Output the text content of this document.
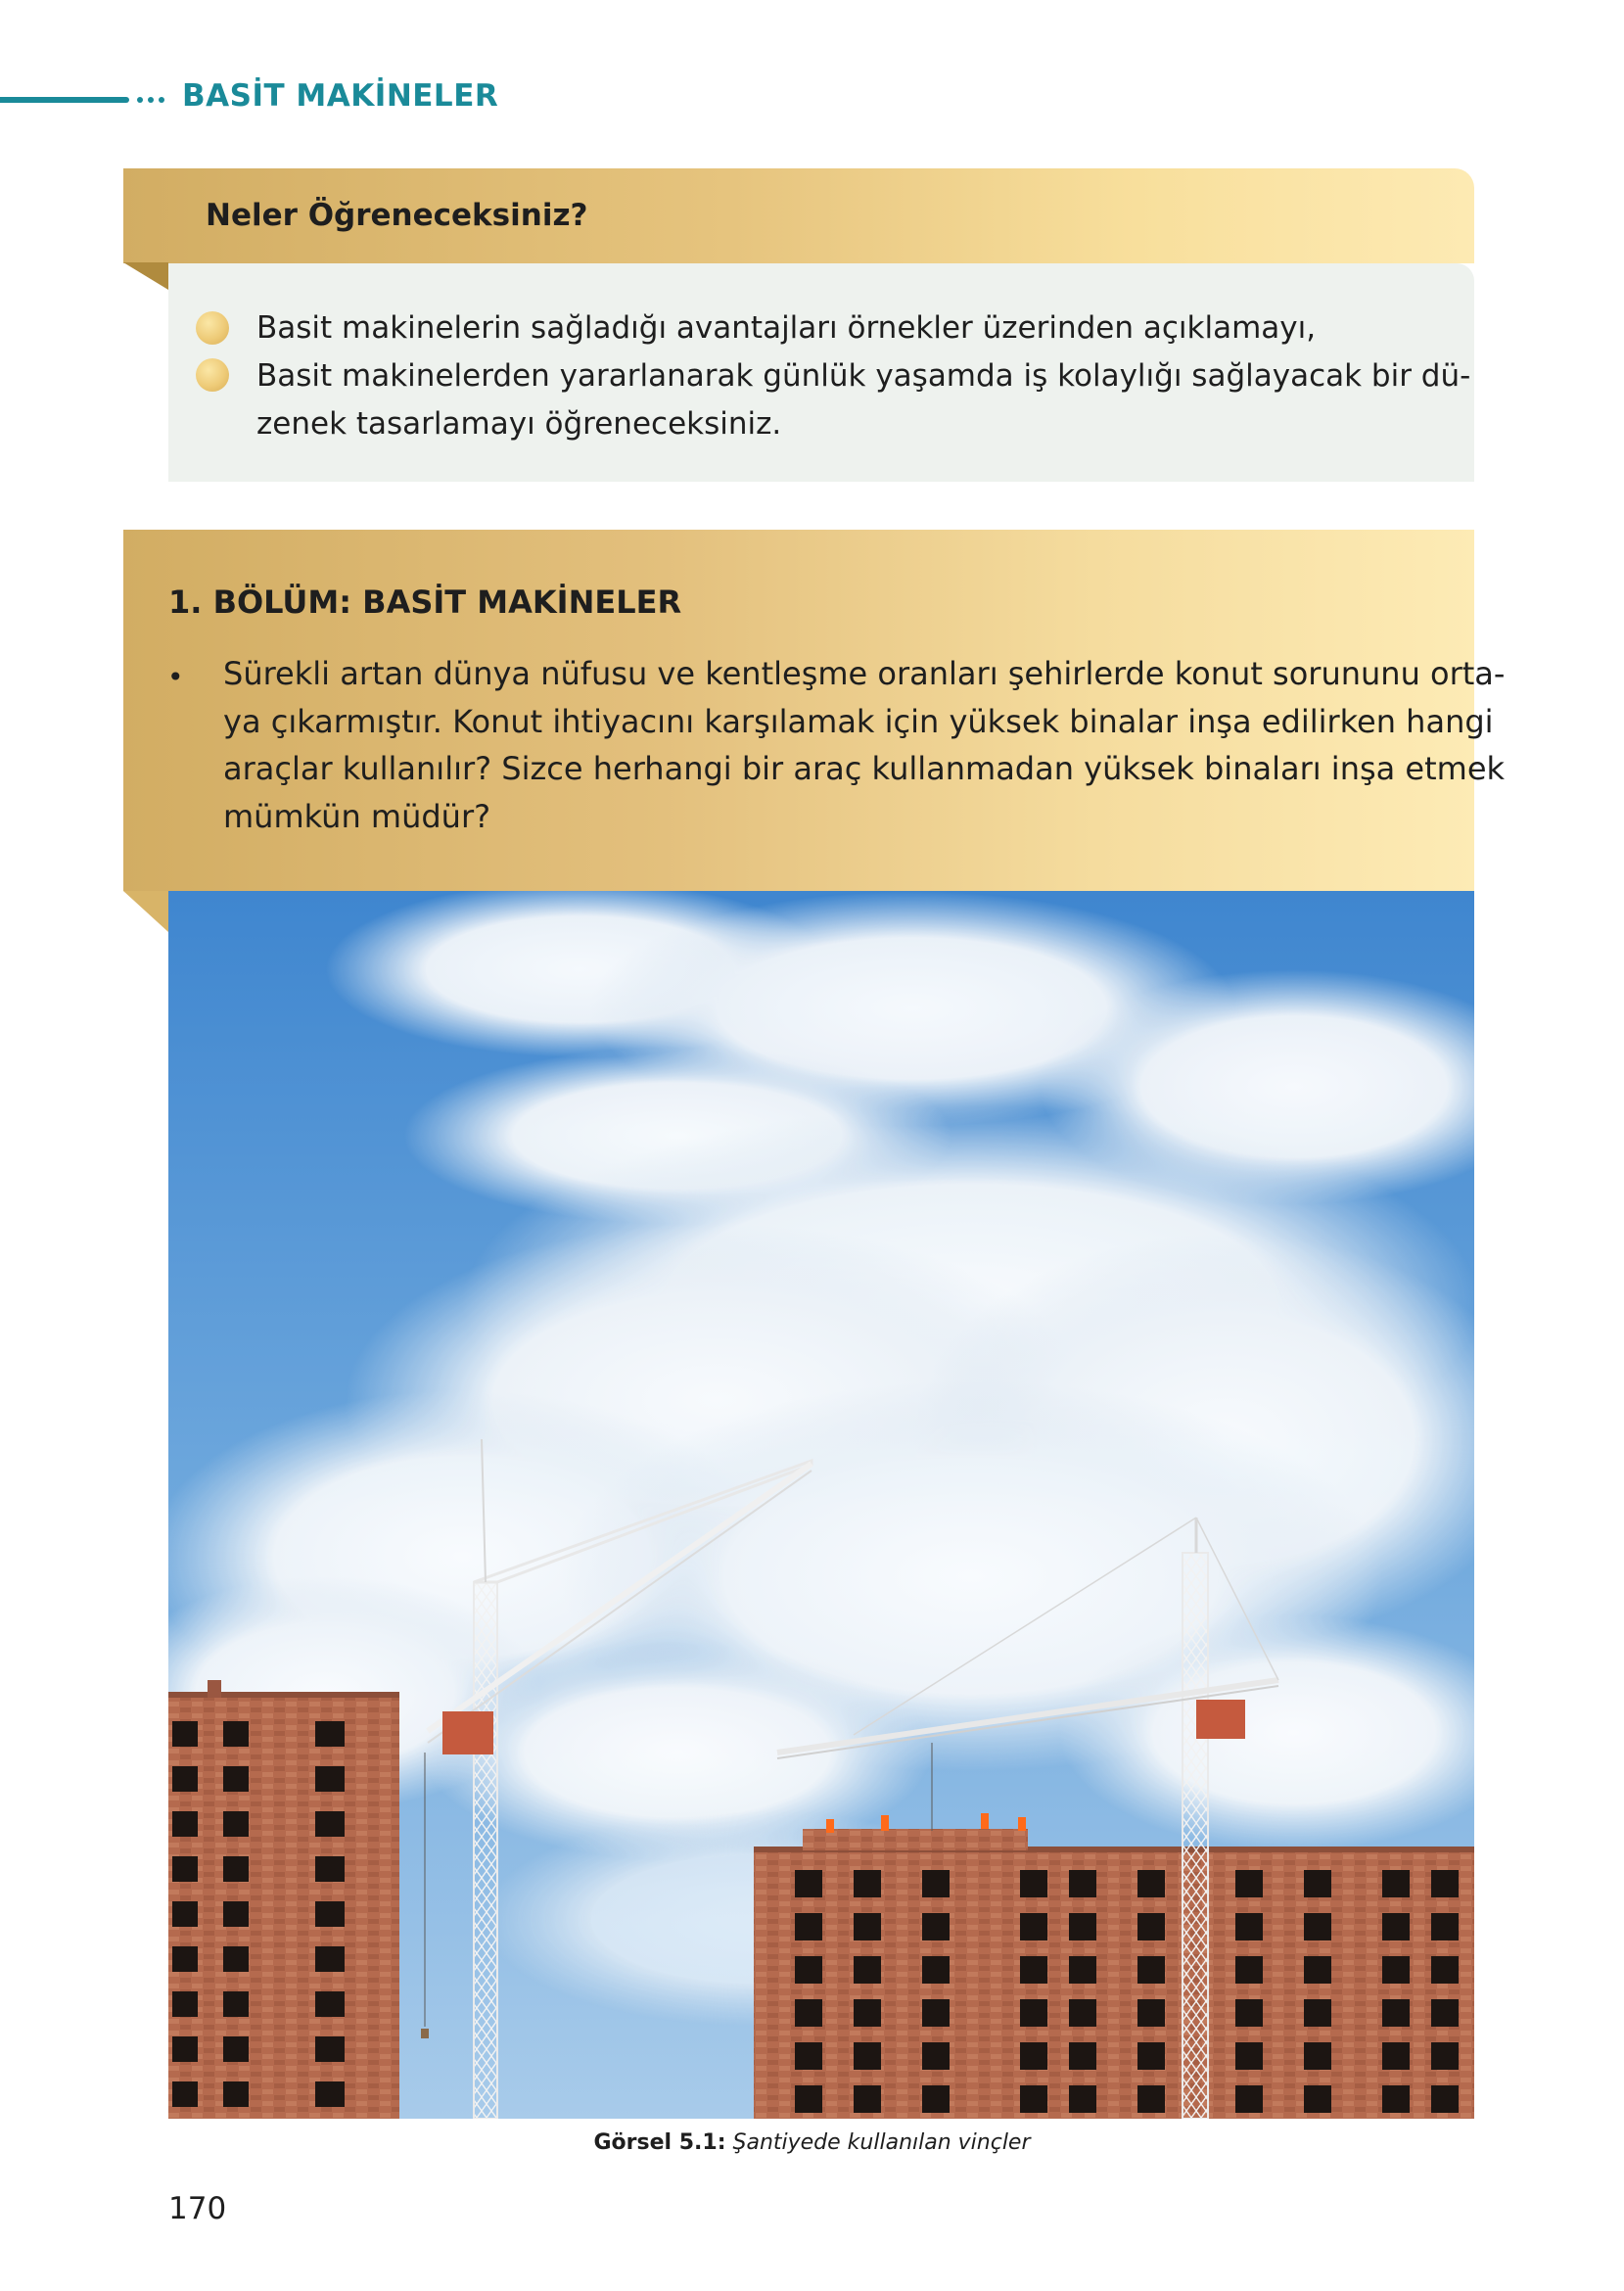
BASİT MAKİNELER
Neler Öğreneceksiniz?
Basit makinelerin sağladığı avantajları örnekler üzerinden açıklamayı,
Basit makinelerden yararlanarak günlük yaşamda iş kolaylığı sağlayacak bir dü-
zenek tasarlamayı öğreneceksiniz.
1. BÖLÜM: BASİT MAKİNELER
• Sürekli artan dünya nüfusu ve kentleşme oranları şehirlerde konut sorununu orta-
ya çıkarmıştır. Konut ihtiyacını karşılamak için yüksek binalar inşa edilirken hangi
araçlar kullanılır? Sizce herhangi bir araç kullanmadan yüksek binaları inşa etmek
mümkün müdür?
Görsel 5.1: Şantiyede kullanılan vinçler
170
